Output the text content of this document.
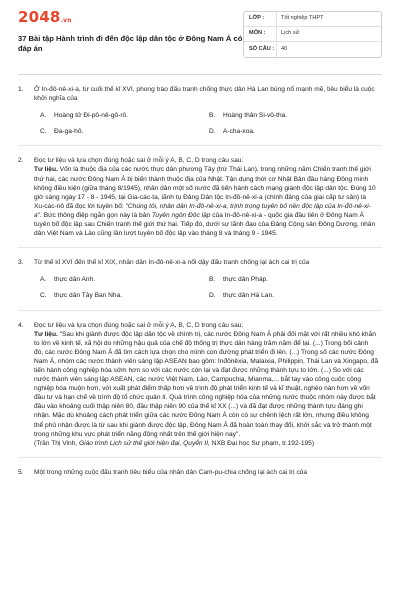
2048.vn
37 Bài tập Hành trình đi đến độc lập dân tộc ở Đông Nam Á có đáp án
LỚP :	Tốt nghiệp THPT
MÔN :	Lịch sử
SỐ CÂU :	40
1.	Ở In-đô-nê-xi-a, từ cuối thế kỉ XVI, phong trào đấu tranh chống thực dân Hà Lan bùng nổ mạnh mẽ, tiêu biểu là cuộc khởi nghĩa của
A.	Hoàng tử Đi-pô-nê-gô-rô.	B.	Hoàng thân Si-vô-tha.
C.	Đa-ga-hô.	D.	A-cha-xoa.
2.	Đọc tư liệu và lựa chọn đúng hoặc sai ở mỗi ý A, B, C, D trong câu sau:
Tư liệu. Vốn là thuộc địa của các nước thực dân phương Tây (trừ Thái Lan), trong những năm Chiến tranh thế giới thứ hai, các nước Đông Nam Á bị biến thành thuộc địa của Nhật. Tận dụng thời cơ Nhật Bản đầu hàng Đồng minh không điều kiện (giữa tháng 8/1945), nhân dân một số nước đã tiến hành cách mạng giành độc lập dân tộc. Đúng 10 giờ sáng ngày 17 - 8 - 1945, tại Gia-các-ta, lãnh tụ Đảng Dân tộc In-đô-nê-xi-a (chính đảng của giai cấp tư sản) là Xu-các-nô đã đọc lời tuyên bố: "Chúng tôi, nhân dân In-đô-nê-xi-a, trịnh trọng tuyên bố nền độc lập của In-đô-nê-xi-a". Bức thông điệp ngắn gọn này là bản Tuyên ngôn Độc lập của In-đô-nê-xi-a - quốc gia đầu tiên ở Đông Nam Á tuyên bố độc lập sau Chiến tranh thế giới thứ hai. Tiếp đó, dưới sự lãnh đạo của Đảng Cộng sản Đông Dương, nhân dân Việt Nam và Lào cũng lần lượt tuyên bố độc lập vào tháng 8 và tháng 9 - 1945.
3.	Từ thế kỉ XVI đến thế kỉ XIX, nhân dân In-đô-nê-xi-a nổi dậy đấu tranh chống lại ách cai trị của
A.	thực dân Anh.	B.	thực dân Pháp.
C.	thực dân Tây Ban Nha.	D.	thực dân Hà Lan.
4.	Đọc tư liệu và lựa chọn đúng hoặc sai ở mỗi ý A, B, C, D trong câu sau:
Tư liệu. "Sau khi giành được độc lập dân tộc về chính trị, các nước Đông Nam Á phải đối mặt với rất nhiều khó khăn to lớn về kinh tế, xã hội do những hậu quả của chế độ thống trị thực dân hàng trăm năm để lại. (...) Trong bối cảnh đó, các nước Đông Nam Á đã tìm cách lựa chọn cho mình con đường phát triển đi lên. (...) Trong số các nước Đông Nam Á, nhóm các nước thành viên sáng lập ASEAN bao gồm: Inđônêxia, Malaixia, Philippin, Thái Lan và Xingapo, đã tiến hành công nghiệp hóa sớm hơn so với các nước còn lại và đạt được những thành tựu to lớn. (...) So với các nước thành viên sáng lập ASEAN, các nước Việt Nam, Lào, Campuchia, Mianma,... bắt tay vào công cuộc công nghiệp hóa muộn hơn, với xuất phát điểm thấp hơn về trình độ phát triển kinh tế và kĩ thuật, nghèo nàn hơn về vốn đầu tư và hạn chế về trình độ tổ chức quản lí. Quá trình công nghiệp hóa của những nước thuộc nhóm này được bắt đầu vào khoảng cuối thập niên 80, đầu thập niên 90 của thế kỉ XX (...) và đã đạt được những thành tựu đáng ghi nhận. Mặc dù khoảng cách phát triển giữa các nước Đông Nam Á còn có sự chênh lệch rất lớn, nhưng điều không thể phủ nhận được là từ sau khi giành được độc lập, Đông Nam Á đã hoàn toàn thay đổi, khởi sắc và trở thành một trong những khu vực phát triển năng động nhất trên thế giới hiện nay".
(Trần Thị Vinh, Giáo trình Lịch sử thế giới hiện đại, Quyển II, NXB Đại học Sư phạm, tr.192-195)
5.	Một trong những cuộc đấu tranh tiêu biểu của nhân dân Cam-pu-chia chống lại ách cai trị của
